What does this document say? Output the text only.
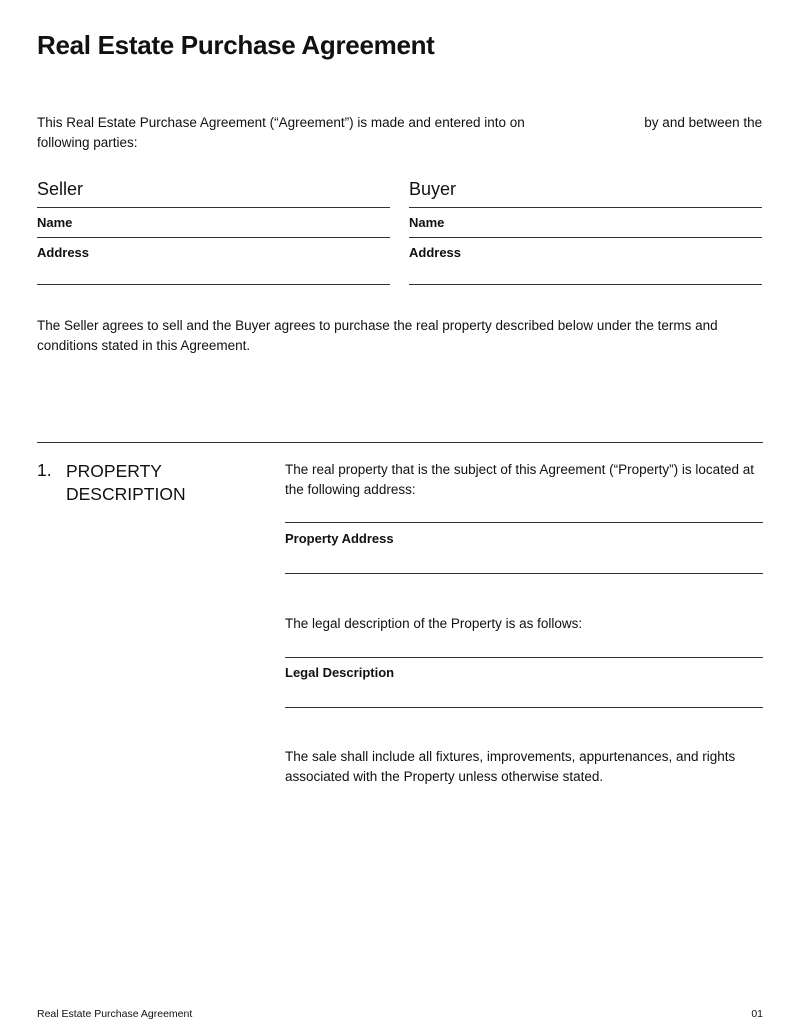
Real Estate Purchase Agreement
This Real Estate Purchase Agreement (“Agreement”) is made and entered into on	by and between the following parties:
Seller
Name
Address
Buyer
Name
Address
The Seller agrees to sell and the Buyer agrees to purchase the real property described below under the terms and conditions stated in this Agreement.
1. PROPERTY
DESCRIPTION
The real property that is the subject of this Agreement (“Property”) is located at the following address:
Property Address
The legal description of the Property is as follows:
Legal Description
The sale shall include all fixtures, improvements, appurtenances, and rights associated with the Property unless otherwise stated.
Real Estate Purchase Agreement	01
